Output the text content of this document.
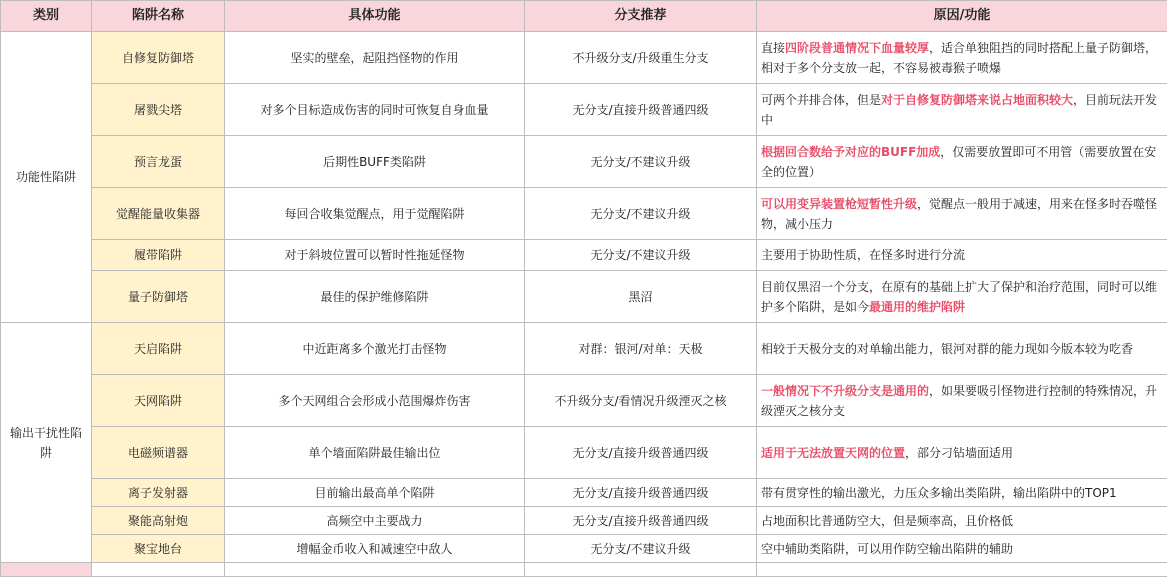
类别	陷阱名称	具体功能	分支推荐	原因/功能
功能性陷阱	自修复防御塔	坚实的壁垒，起阻挡怪物的作用	不升级分支/升级重生分支	直接四阶段普通情况下血量较厚，适合单独阻挡的同时搭配上量子防御塔，相对于多个分支放一起，不容易被毒猴子喷爆
	屠戮尖塔	对多个目标造成伤害的同时可恢复自身血量	无分支/直接升级普通四级	可两个并排合体，但是对于自修复防御塔来说占地面积较大，目前玩法开发中
	预言龙蛋	后期性BUFF类陷阱	无分支/不建议升级	根据回合数给予对应的BUFF加成，仅需要放置即可不用管（需要放置在安全的位置）
	觉醒能量收集器	每回合收集觉醒点，用于觉醒陷阱	无分支/不建议升级	可以用变异装置枪短暂性升级，觉醒点一般用于减速，用来在怪多时吞噬怪物，减小压力
	履带陷阱	对于斜坡位置可以暂时性拖延怪物	无分支/不建议升级	主要用于协助性质，在怪多时进行分流
	量子防御塔	最佳的保护维修陷阱	黑沼	目前仅黑沼一个分支，在原有的基础上扩大了保护和治疗范围，同时可以维护多个陷阱，是如今最通用的维护陷阱
输出干扰性陷阱	天启陷阱	中近距离多个激光打击怪物	对群：银河/对单：天极	相较于天极分支的对单输出能力，银河对群的能力现如今版本较为吃香
	天网陷阱	多个天网组合会形成小范围爆炸伤害	不升级分支/看情况升级湮灭之核	一般情况下不升级分支是通用的，如果要吸引怪物进行控制的特殊情况，升级湮灭之核分支
	电磁频谱器	单个墙面陷阱最佳输出位	无分支/直接升级普通四级	适用于无法放置天网的位置，部分刁钻墙面适用
	离子发射器	目前输出最高单个陷阱	无分支/直接升级普通四级	带有贯穿性的输出激光，力压众多输出类陷阱，输出陷阱中的TOP1
	聚能高射炮	高频空中主要战力	无分支/直接升级普通四级	占地面积比普通防空大，但是频率高，且价格低
	聚宝地台	增幅金币收入和减速空中敌人	无分支/不建议升级	空中辅助类陷阱，可以用作防空输出陷阱的辅助
